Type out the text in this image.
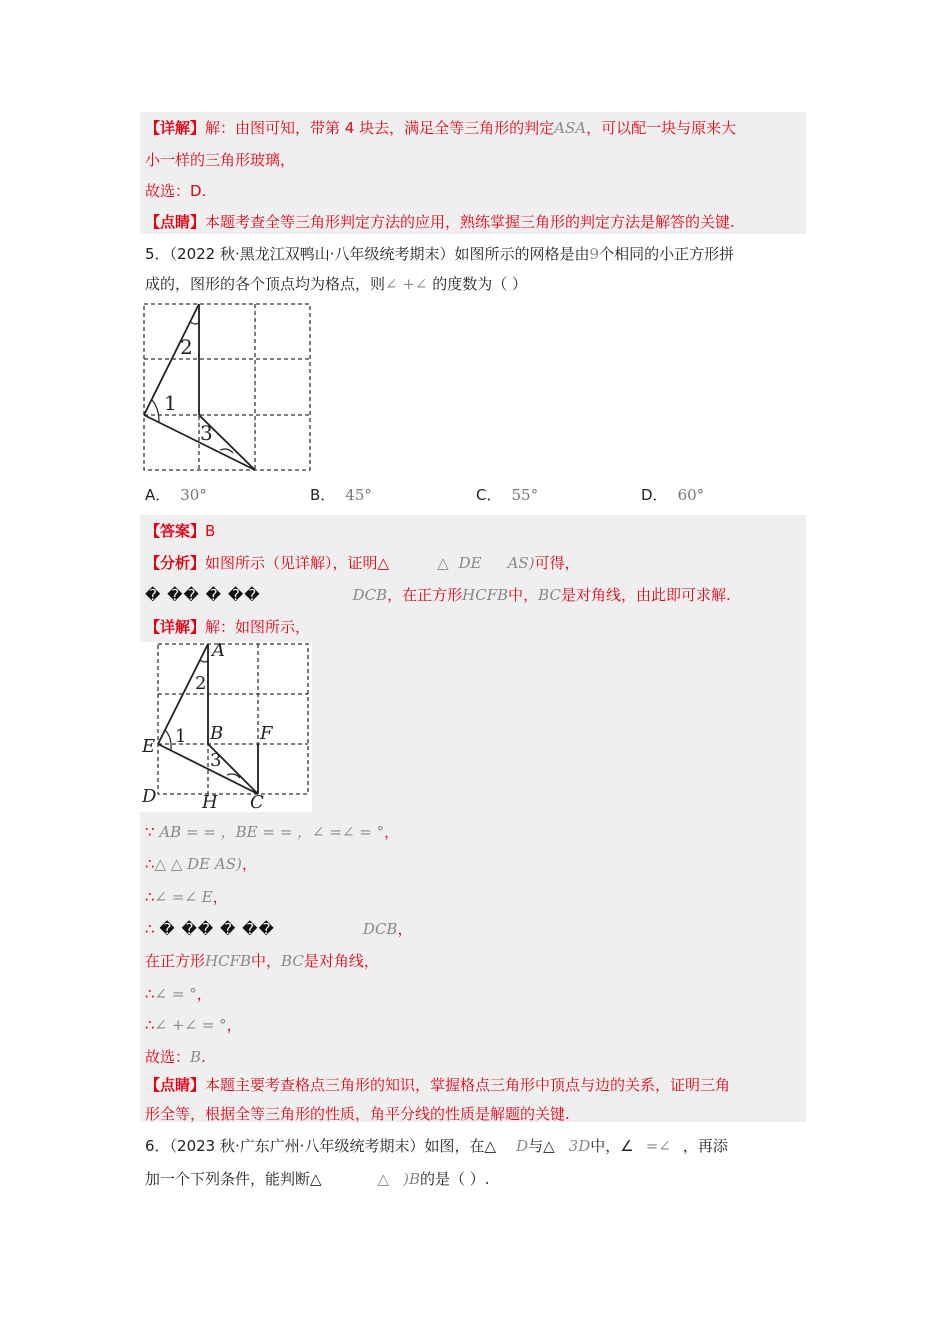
【详解】解：由图可知，带第 4 块去，满足全等三角形的判定ASA，可以配一块与原来大
小一样的三角形玻璃，
故选：D.
【点睛】本题考查全等三角形判定方法的应用，熟练掌握三角形的判定方法是解答的关键.
5．（2022 秋·黑龙江双鸭山·八年级统考期末）如图所示的网格是由9个相同的小正方形拼
成的，图形的各个顶点均为格点，则∠ +∠ 的度数为（ ）
2
1
3
A． 30°	B． 45°	C． 55°	D． 60°
【答案】B
【分析】如图所示（见详解），证明△	△ DE AS)可得，
� �� � ��	DCB，在正方形HCFB中，BC是对角线，由此即可求解.
【详解】解：如图所示，
A
2
E 1 B F
3
D	H C
∵ AB = = ，BE = = ，∠ =∠ = °，
∴△ △ DE AS)，
∴∠ =∠ E，
∴ � �� � ��	DCB，
在正方形HCFB中，BC是对角线，
∴∠ = °，
∴∠ +∠ = °，
故选：B.
【点睛】本题主要考查格点三角形的知识，掌握格点三角形中顶点与边的关系，证明三角
形全等，根据全等三角形的性质，角平分线的性质是解题的关键.
6．（2023 秋·广东广州·八年级统考期末）如图，在△ D与△ 3D中，∠ =∠ ，再添
加一个下列条件，能判断△	△ )B的是（ ）.
